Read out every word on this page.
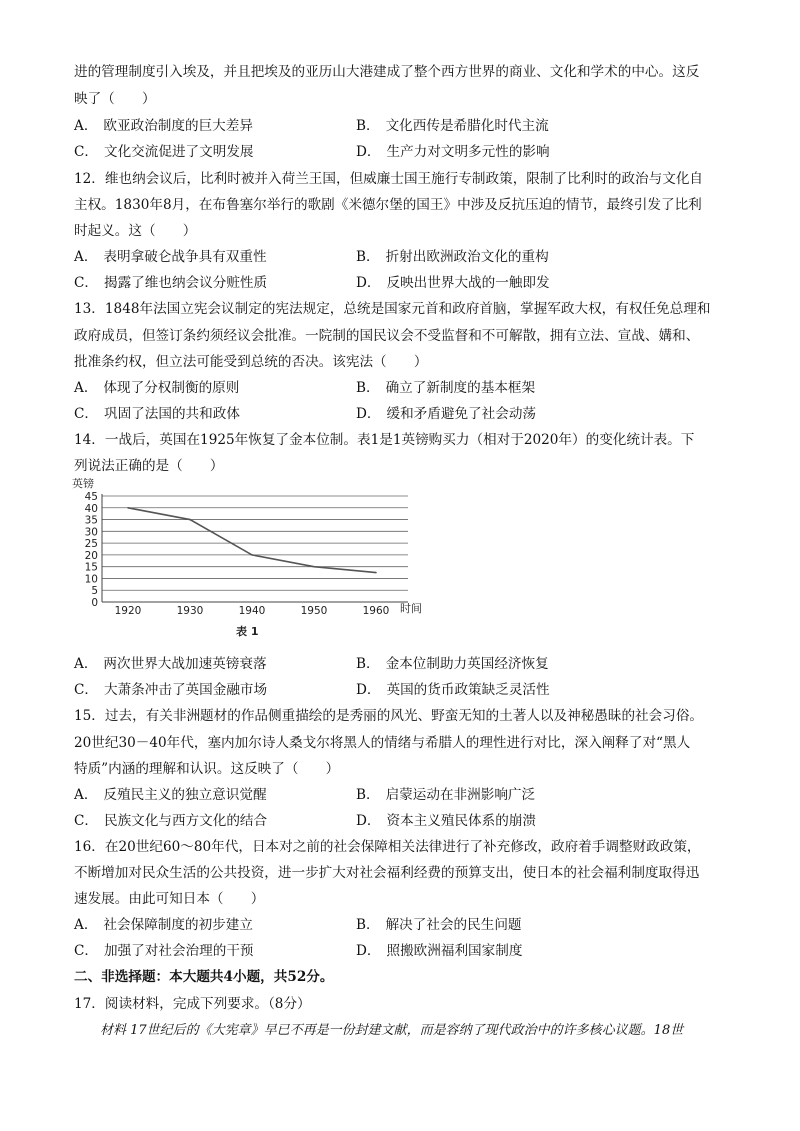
进的管理制度引入埃及，并且把埃及的亚历山大港建成了整个西方世界的商业、文化和学术的中心。这反
映了（　　）
A． 欧亚政治制度的巨大差异	B． 文化西传是希腊化时代主流
C． 文化交流促进了文明发展	D． 生产力对文明多元性的影响
12．维也纳会议后，比利时被并入荷兰王国，但威廉士国王施行专制政策，限制了比利时的政治与文化自
主权。1830年8月，在布鲁塞尔举行的歌剧《米德尔堡的国王》中涉及反抗压迫的情节，最终引发了比利
时起义。这（　　）
A． 表明拿破仑战争具有双重性	B． 折射出欧洲政治文化的重构
C． 揭露了维也纳会议分赃性质	D． 反映出世界大战的一触即发
13．1848年法国立宪会议制定的宪法规定，总统是国家元首和政府首脑，掌握军政大权，有权任免总理和
政府成员，但签订条约须经议会批准。一院制的国民议会不受监督和不可解散，拥有立法、宣战、媾和、
批准条约权，但立法可能受到总统的否决。该宪法（　　）
A． 体现了分权制衡的原则	B． 确立了新制度的基本框架
C． 巩固了法国的共和政体	D． 缓和矛盾避免了社会动荡
14．一战后，英国在1925年恢复了金本位制。表1是1英镑购买力（相对于2020年）的变化统计表。下
列说法正确的是（　　）
0
5
10
15
20
25
30
35
40
45
1920	1930	1940	1950	1960
英镑
时间
表 1
A． 两次世界大战加速英镑衰落	B． 金本位制助力英国经济恢复
C． 大萧条冲击了英国金融市场	D． 英国的货币政策缺乏灵活性
15．过去，有关非洲题材的作品侧重描绘的是秀丽的风光、野蛮无知的土著人以及神秘愚昧的社会习俗。
20世纪30－40年代，塞内加尔诗人桑戈尔将黑人的情绪与希腊人的理性进行对比，深入阐释了对“黑人
特质”内涵的理解和认识。这反映了（　　）
A． 反殖民主义的独立意识觉醒	B． 启蒙运动在非洲影响广泛
C． 民族文化与西方文化的结合	D． 资本主义殖民体系的崩溃
16．在20世纪60～80年代，日本对之前的社会保障相关法律进行了补充修改，政府着手调整财政政策，
不断增加对民众生活的公共投资，进一步扩大对社会福利经费的预算支出，使日本的社会福利制度取得迅
速发展。由此可知日本（　　）
A． 社会保障制度的初步建立	B． 解决了社会的民生问题
C． 加强了对社会治理的干预	D． 照搬欧洲福利国家制度
二、非选择题：本大题共4小题，共52分。
17．阅读材料，完成下列要求。（8分）
材料 17世纪后的《大宪章》早已不再是一份封建文献，而是容纳了现代政治中的许多核心议题。18世
